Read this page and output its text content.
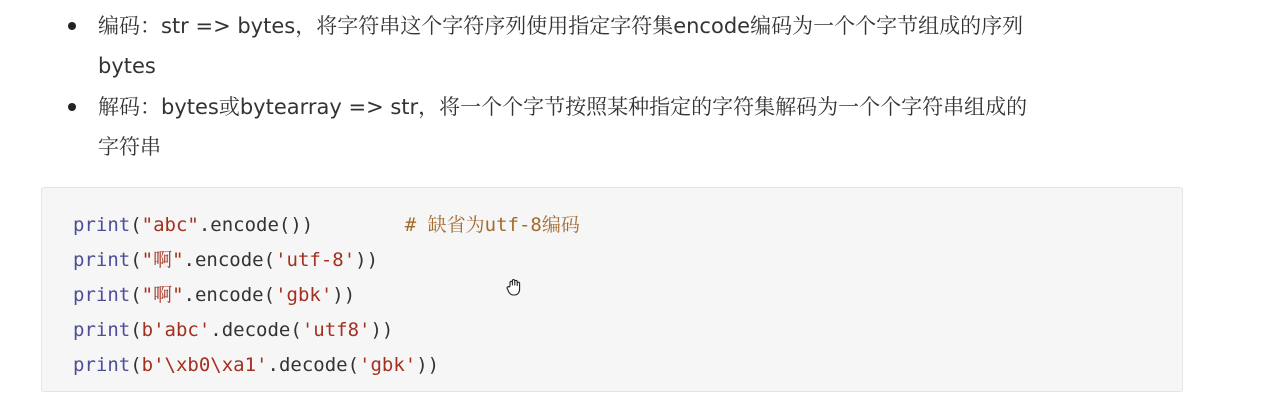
编码：str => bytes，将字符串这个字符序列使用指定字符集encode编码为一个个字节组成的序列
bytes
解码：bytes或bytearray => str，将一个个字节按照某种指定的字符集解码为一个个字符串组成的
字符串
print("abc".encode())	# 缺省为utf-8编码
print("啊".encode('utf-8'))
print("啊".encode('gbk'))
print(b'abc'.decode('utf8'))
print(b'\xb0\xa1'.decode('gbk'))
